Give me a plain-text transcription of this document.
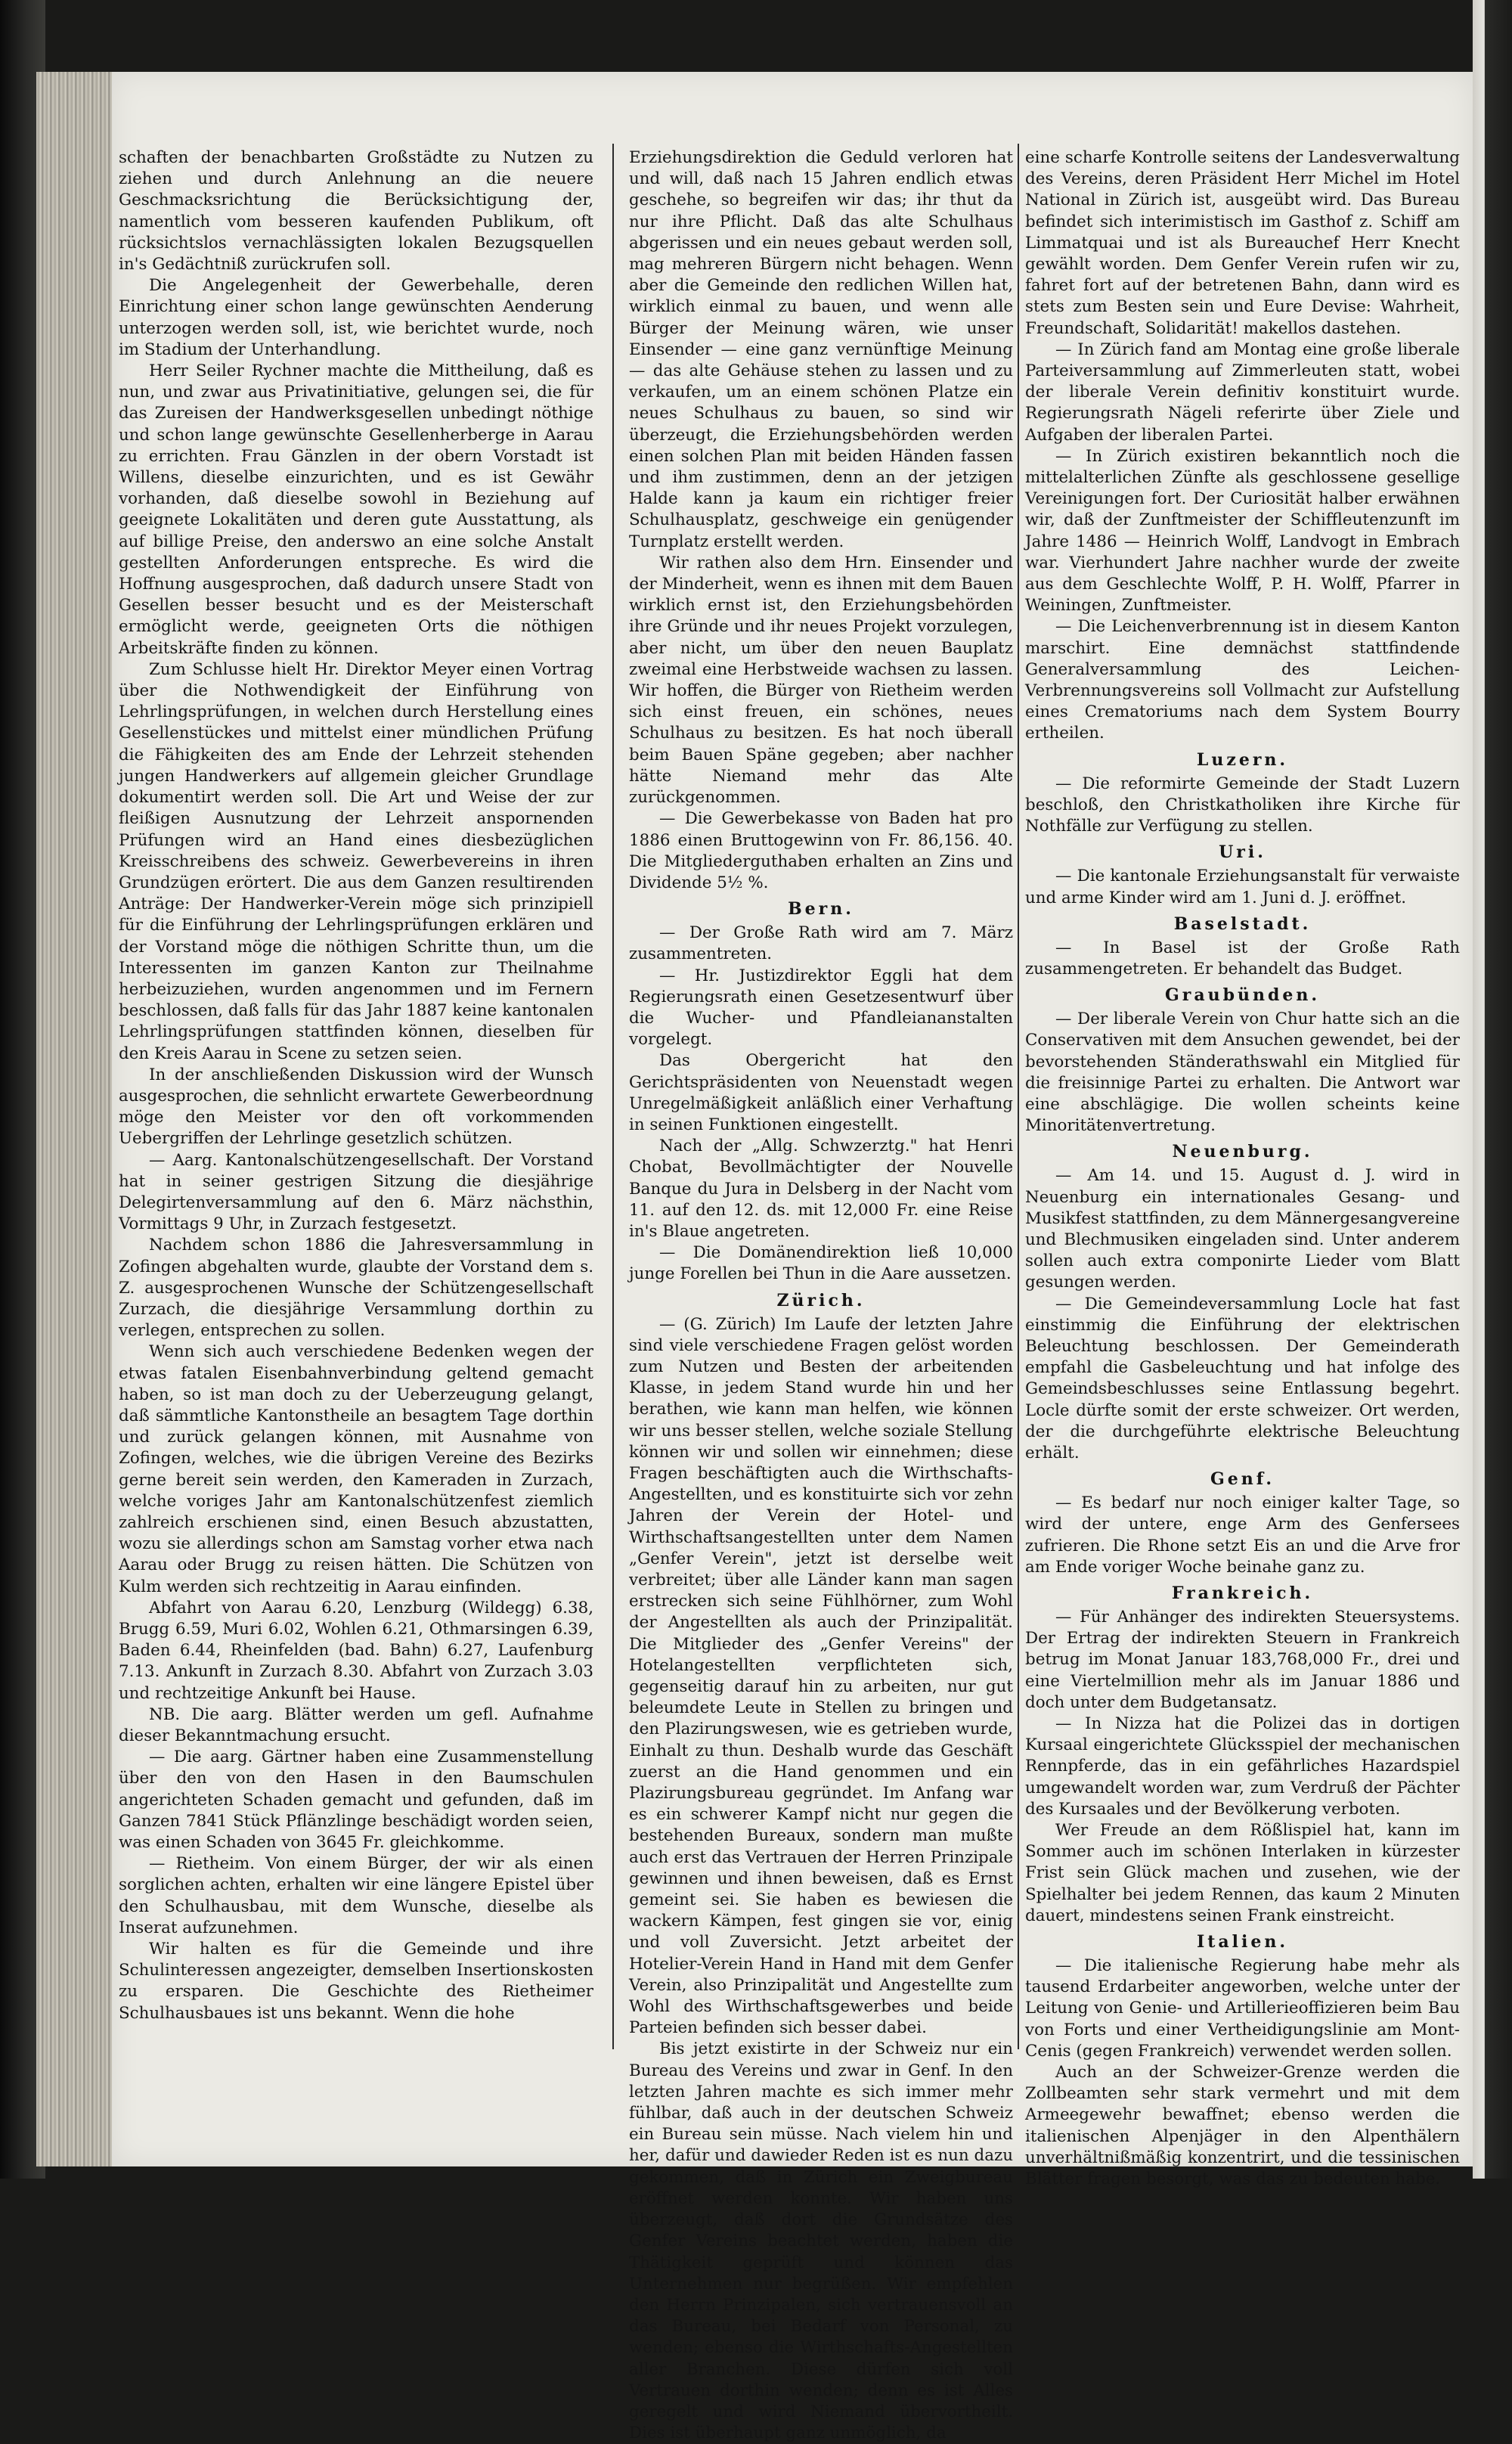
schaften der benachbarten Großstädte zu Nutzen zu ziehen und durch Anlehnung an die neuere Geschmacksrichtung die Berücksichtigung der, namentlich vom besseren kaufenden Publikum, oft rücksichtslos vernachlässigten lokalen Bezugsquellen in's Gedächtniß zurückrufen soll.

Die Angelegenheit der Gewerbehalle, deren Einrichtung einer schon lange gewünschten Aenderung unterzogen werden soll, ist, wie berichtet wurde, noch im Stadium der Unterhandlung.

Herr Seiler Rychner machte die Mittheilung, daß es nun, und zwar aus Privatinitiative, gelungen sei, die für das Zureisen der Handwerksgesellen unbedingt nöthige und schon lange gewünschte Gesellenherberge in Aarau zu errichten. Frau Gänzlen in der obern Vorstadt ist Willens, dieselbe einzurichten, und es ist Gewähr vorhanden, daß dieselbe sowohl in Beziehung auf geeignete Lokalitäten und deren gute Ausstattung, als auf billige Preise, den anderswo an eine solche Anstalt gestellten Anforderungen entspreche. Es wird die Hoffnung ausgesprochen, daß dadurch unsere Stadt von Gesellen besser besucht und es der Meisterschaft ermöglicht werde, geeigneten Orts die nöthigen Arbeitskräfte finden zu können.

Zum Schlusse hielt Hr. Direktor Meyer einen Vortrag über die Nothwendigkeit der Einführung von Lehrlingsprüfungen, in welchen durch Herstellung eines Gesellenstückes und mittelst einer mündlichen Prüfung die Fähigkeiten des am Ende der Lehrzeit stehenden jungen Handwerkers auf allgemein gleicher Grundlage dokumentirt werden soll. Die Art und Weise der zur fleißigen Ausnutzung der Lehrzeit anspornenden Prüfungen wird an Hand eines diesbezüglichen Kreisschreibens des schweiz. Gewerbevereins in ihren Grundzügen erörtert. Die aus dem Ganzen resultirenden Anträge: Der Handwerker-Verein möge sich prinzipiell für die Einführung der Lehrlingsprüfungen erklären und der Vorstand möge die nöthigen Schritte thun, um die Interessenten im ganzen Kanton zur Theilnahme herbeizuziehen, wurden angenommen und im Fernern beschlossen, daß falls für das Jahr 1887 keine kantonalen Lehrlingsprüfungen stattfinden können, dieselben für den Kreis Aarau in Scene zu setzen seien.

In der anschließenden Diskussion wird der Wunsch ausgesprochen, die sehnlicht erwartete Gewerbeordnung möge den Meister vor den oft vorkommenden Uebergriffen der Lehrlinge gesetzlich schützen.

— Aarg. Kantonalschützengesellschaft. Der Vorstand hat in seiner gestrigen Sitzung die diesjährige Delegirtenversammlung auf den 6. März nächsthin, Vormittags 9 Uhr, in Zurzach festgesetzt.

Nachdem schon 1886 die Jahresversammlung in Zofingen abgehalten wurde, glaubte der Vorstand dem s. Z. ausgesprochenen Wunsche der Schützengesellschaft Zurzach, die diesjährige Versammlung dorthin zu verlegen, entsprechen zu sollen.

Wenn sich auch verschiedene Bedenken wegen der etwas fatalen Eisenbahnverbindung geltend gemacht haben, so ist man doch zu der Ueberzeugung gelangt, daß sämmtliche Kantonstheile an besagtem Tage dorthin und zurück gelangen können, mit Ausnahme von Zofingen, welches, wie die übrigen Vereine des Bezirks gerne bereit sein werden, den Kameraden in Zurzach, welche voriges Jahr am Kantonalschützenfest ziemlich zahlreich erschienen sind, einen Besuch abzustatten, wozu sie allerdings schon am Samstag vorher etwa nach Aarau oder Brugg zu reisen hätten. Die Schützen von Kulm werden sich rechtzeitig in Aarau einfinden.

Abfahrt von Aarau 6.20, Lenzburg (Wildegg) 6.38, Brugg 6.59, Muri 6.02, Wohlen 6.21, Othmarsingen 6.39, Baden 6.44, Rheinfelden (bad. Bahn) 6.27, Laufenburg 7.13. Ankunft in Zurzach 8.30. Abfahrt von Zurzach 3.03 und rechtzeitige Ankunft bei Hause.

NB. Die aarg. Blätter werden um gefl. Aufnahme dieser Bekanntmachung ersucht.

— Die aarg. Gärtner haben eine Zusammenstellung über den von den Hasen in den Baumschulen angerichteten Schaden gemacht und gefunden, daß im Ganzen 7841 Stück Pflänzlinge beschädigt worden seien, was einen Schaden von 3645 Fr. gleichkomme.

— Rietheim. Von einem Bürger, der wir als einen sorglichen achten, erhalten wir eine längere Epistel über den Schulhausbau, mit dem Wunsche, dieselbe als Inserat aufzunehmen.

Wir halten es für die Gemeinde und ihre Schulinteressen angezeigter, demselben Insertionskosten zu ersparen. Die Geschichte des Rietheimer Schulhausbaues ist uns bekannt. Wenn die hohe

Erziehungsdirektion die Geduld verloren hat und will, daß nach 15 Jahren endlich etwas geschehe, so begreifen wir das; ihr thut da nur ihre Pflicht. Daß das alte Schulhaus abgerissen und ein neues gebaut werden soll, mag mehreren Bürgern nicht behagen. Wenn aber die Gemeinde den redlichen Willen hat, wirklich einmal zu bauen, und wenn alle Bürger der Meinung wären, wie unser Einsender — eine ganz vernünftige Meinung — das alte Gehäuse stehen zu lassen und zu verkaufen, um an einem schönen Platze ein neues Schulhaus zu bauen, so sind wir überzeugt, die Erziehungsbehörden werden einen solchen Plan mit beiden Händen fassen und ihm zustimmen, denn an der jetzigen Halde kann ja kaum ein richtiger freier Schulhausplatz, geschweige ein genügender Turnplatz erstellt werden.

Wir rathen also dem Hrn. Einsender und der Minderheit, wenn es ihnen mit dem Bauen wirklich ernst ist, den Erziehungsbehörden ihre Gründe und ihr neues Projekt vorzulegen, aber nicht, um über den neuen Bauplatz zweimal eine Herbstweide wachsen zu lassen. Wir hoffen, die Bürger von Rietheim werden sich einst freuen, ein schönes, neues Schulhaus zu besitzen. Es hat noch überall beim Bauen Späne gegeben; aber nachher hätte Niemand mehr das Alte zurückgenommen.

— Die Gewerbekasse von Baden hat pro 1886 einen Bruttogewinn von Fr. 86,156. 40. Die Mitgliederguthaben erhalten an Zins und Dividende 5½ %.

Bern.

— Der Große Rath wird am 7. März zusammentreten.

— Hr. Justizdirektor Eggli hat dem Regierungsrath einen Gesetzesentwurf über die Wucher- und Pfandleiananstalten vorgelegt.

Das Obergericht hat den Gerichtspräsidenten von Neuenstadt wegen Unregelmäßigkeit anläßlich einer Verhaftung in seinen Funktionen eingestellt.

Nach der „Allg. Schwzerztg." hat Henri Chobat, Bevollmächtigter der Nouvelle Banque du Jura in Delsberg in der Nacht vom 11. auf den 12. ds. mit 12,000 Fr. eine Reise in's Blaue angetreten.

— Die Domänendirektion ließ 10,000 junge Forellen bei Thun in die Aare aussetzen.

Zürich.

— (G. Zürich) Im Laufe der letzten Jahre sind viele verschiedene Fragen gelöst worden zum Nutzen und Besten der arbeitenden Klasse, in jedem Stand wurde hin und her berathen, wie kann man helfen, wie können wir uns besser stellen, welche soziale Stellung können wir und sollen wir einnehmen; diese Fragen beschäftigten auch die Wirthschafts-Angestellten, und es konstituirte sich vor zehn Jahren der Verein der Hotel- und Wirthschaftsangestellten unter dem Namen „Genfer Verein", jetzt ist derselbe weit verbreitet; über alle Länder kann man sagen erstrecken sich seine Fühlhörner, zum Wohl der Angestellten als auch der Prinzipalität. Die Mitglieder des „Genfer Vereins" der Hotelangestellten verpflichteten sich, gegenseitig darauf hin zu arbeiten, nur gut beleumdete Leute in Stellen zu bringen und den Plazirungswesen, wie es getrieben wurde, Einhalt zu thun. Deshalb wurde das Geschäft zuerst an die Hand genommen und ein Plazirungsbureau gegründet. Im Anfang war es ein schwerer Kampf nicht nur gegen die bestehenden Bureaux, sondern man mußte auch erst das Vertrauen der Herren Prinzipale gewinnen und ihnen beweisen, daß es Ernst gemeint sei. Sie haben es bewiesen die wackern Kämpen, fest gingen sie vor, einig und voll Zuversicht. Jetzt arbeitet der Hotelier-Verein Hand in Hand mit dem Genfer Verein, also Prinzipalität und Angestellte zum Wohl des Wirthschaftsgewerbes und beide Parteien befinden sich besser dabei.

Bis jetzt existirte in der Schweiz nur ein Bureau des Vereins und zwar in Genf. In den letzten Jahren machte es sich immer mehr fühlbar, daß auch in der deutschen Schweiz ein Bureau sein müsse. Nach vielem hin und her, dafür und dawieder Reden ist es nun dazu gekommen, daß in Zürich ein Zweigbureau eröffnet werden konnte. Wir haben uns überzeugt, daß dort die Grundsätze des Genfer Vereins beachtet werden, haben die Thätigkeit geprüft und können das Unternehmen nur begrüßen. Wir empfehlen den Herrn Prinzipalen, sich vertrauensvoll an das Bureau, bei Bedarf von Personal, zu wenden; ebenso die Wirthschafts-Angestellten aller Branchen. Diese dürfen sich voll Vertrauen dorthin wenden; denn es ist Alles geregelt und wird Niemand übervortheilt. Dies ist überhaupt ganz unmöglich, da

eine scharfe Kontrolle seitens der Landesverwaltung des Vereins, deren Präsident Herr Michel im Hotel National in Zürich ist, ausgeübt wird. Das Bureau befindet sich interimistisch im Gasthof z. Schiff am Limmatquai und ist als Bureauchef Herr Knecht gewählt worden. Dem Genfer Verein rufen wir zu, fahret fort auf der betretenen Bahn, dann wird es stets zum Besten sein und Eure Devise: Wahrheit, Freundschaft, Solidarität! makellos dastehen.

— In Zürich fand am Montag eine große liberale Parteiversammlung auf Zimmerleuten statt, wobei der liberale Verein definitiv konstituirt wurde. Regierungsrath Nägeli referirte über Ziele und Aufgaben der liberalen Partei.

— In Zürich existiren bekanntlich noch die mittelalterlichen Zünfte als geschlossene gesellige Vereinigungen fort. Der Curiosität halber erwähnen wir, daß der Zunftmeister der Schiffleutenzunft im Jahre 1486 — Heinrich Wolff, Landvogt in Embrach war. Vierhundert Jahre nachher wurde der zweite aus dem Geschlechte Wolff, P. H. Wolff, Pfarrer in Weiningen, Zunftmeister.

— Die Leichenverbrennung ist in diesem Kanton marschirt. Eine demnächst stattfindende Generalversammlung des Leichen-Verbrennungsvereins soll Vollmacht zur Aufstellung eines Crematoriums nach dem System Bourry ertheilen.

Luzern.

— Die reformirte Gemeinde der Stadt Luzern beschloß, den Christkatholiken ihre Kirche für Nothfälle zur Verfügung zu stellen.

Uri.

— Die kantonale Erziehungsanstalt für verwaiste und arme Kinder wird am 1. Juni d. J. eröffnet.

Baselstadt.

— In Basel ist der Große Rath zusammengetreten. Er behandelt das Budget.

Graubünden.

— Der liberale Verein von Chur hatte sich an die Conservativen mit dem Ansuchen gewendet, bei der bevorstehenden Ständerathswahl ein Mitglied für die freisinnige Partei zu erhalten. Die Antwort war eine abschlägige. Die wollen scheints keine Minoritätenvertretung.

Neuenburg.

— Am 14. und 15. August d. J. wird in Neuenburg ein internationales Gesang- und Musikfest stattfinden, zu dem Männergesangvereine und Blechmusiken eingeladen sind. Unter anderem sollen auch extra componirte Lieder vom Blatt gesungen werden.

— Die Gemeindeversammlung Locle hat fast einstimmig die Einführung der elektrischen Beleuchtung beschlossen. Der Gemeinderath empfahl die Gasbeleuchtung und hat infolge des Gemeindsbeschlusses seine Entlassung begehrt. Locle dürfte somit der erste schweizer. Ort werden, der die durchgeführte elektrische Beleuchtung erhält.

Genf.

— Es bedarf nur noch einiger kalter Tage, so wird der untere, enge Arm des Genfersees zufrieren. Die Rhone setzt Eis an und die Arve fror am Ende voriger Woche beinahe ganz zu.

Frankreich.

— Für Anhänger des indirekten Steuersystems. Der Ertrag der indirekten Steuern in Frankreich betrug im Monat Januar 183,768,000 Fr., drei und eine Viertelmillion mehr als im Januar 1886 und doch unter dem Budgetansatz.

— In Nizza hat die Polizei das in dortigen Kursaal eingerichtete Glücksspiel der mechanischen Rennpferde, das in ein gefährliches Hazardspiel umgewandelt worden war, zum Verdruß der Pächter des Kursaales und der Bevölkerung verboten.

Wer Freude an dem Rößlispiel hat, kann im Sommer auch im schönen Interlaken in kürzester Frist sein Glück machen und zusehen, wie der Spielhalter bei jedem Rennen, das kaum 2 Minuten dauert, mindestens seinen Frank einstreicht.

Italien.

— Die italienische Regierung habe mehr als tausend Erdarbeiter angeworben, welche unter der Leitung von Genie- und Artillerieoffizieren beim Bau von Forts und einer Vertheidigungslinie am Mont-Cenis (gegen Frankreich) verwendet werden sollen.

Auch an der Schweizer-Grenze werden die Zollbeamten sehr stark vermehrt und mit dem Armeegewehr bewaffnet; ebenso werden die italienischen Alpenjäger in den Alpenthälern unverhältnißmäßig konzentrirt, und die tessinischen Blätter fragen besorgt, was das zu bedeuten habe.
